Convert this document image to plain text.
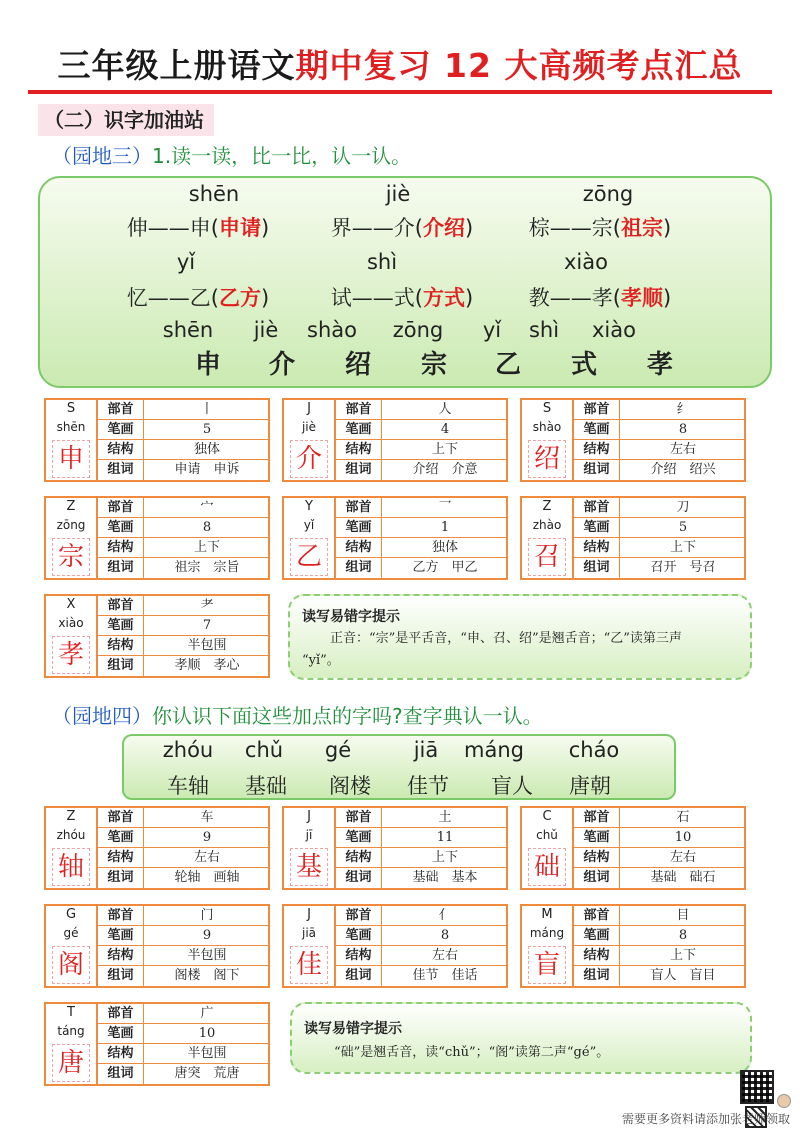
三年级上册语文期中复习 12 大高频考点汇总
（二）识字加油站
（园地三）1.读一读，比一比，认一认。
shēn	jiè	zōng
伸——申(申请)	界——介(介绍)	棕——宗(祖宗)
yǐ	shì	xiào
忆——乙(乙方)	试——式(方式)	教——孝(孝顺)
shēn jiè shào zōng yǐ shì xiào
申 介 绍 宗 乙 式 孝
S
shēn
申
部首	丨
笔画	5
结构	独体
组词	申请　申诉
J
jiè
介
部首	人
笔画	4
结构	上下
组词	介绍　介意
S
shào
绍
部首	纟
笔画	8
结构	左右
组词	介绍　绍兴
Z
zōng
宗
部首	宀
笔画	8
结构	上下
组词	祖宗　宗旨
Y
yǐ
乙
部首	乛
笔画	1
结构	独体
组词	乙方　甲乙
Z
zhào
召
部首	刀
笔画	5
结构	上下
组词	召开　号召
X
xiào
孝
部首	耂
笔画	7
结构	半包围
组词	孝顺　孝心
读写易错字提示
正音：“宗”是平舌音，“申、召、绍”是翘舌音；“乙”读第三声
“yǐ”。
（园地四）你认识下面这些加点的字吗?查字典认一认。
zhóu chǔ gé	jiā máng cháo
车轴 基础 阁楼 佳节 盲人 唐朝
Z
zhóu
轴
部首	车
笔画	9
结构	左右
组词	轮轴　画轴
J
jī
基
部首	土
笔画	11
结构	上下
组词	基础　基本
C
chǔ
础
部首	石
笔画	10
结构	左右
组词	基础　础石
G
gé
阁
部首	门
笔画	9
结构	半包围
组词	阁楼　阁下
J
jiā
佳
部首	亻
笔画	8
结构	左右
组词	佳节　佳话
M
máng
盲
部首	目
笔画	8
结构	上下
组词	盲人　盲目
T
táng
唐
部首	广
笔画	10
结构	半包围
组词	唐突　荒唐
读写易错字提示
“础”是翘舌音，读“chǔ”；“阁”读第二声“gé”。
需要更多资料请添加张老师领取
